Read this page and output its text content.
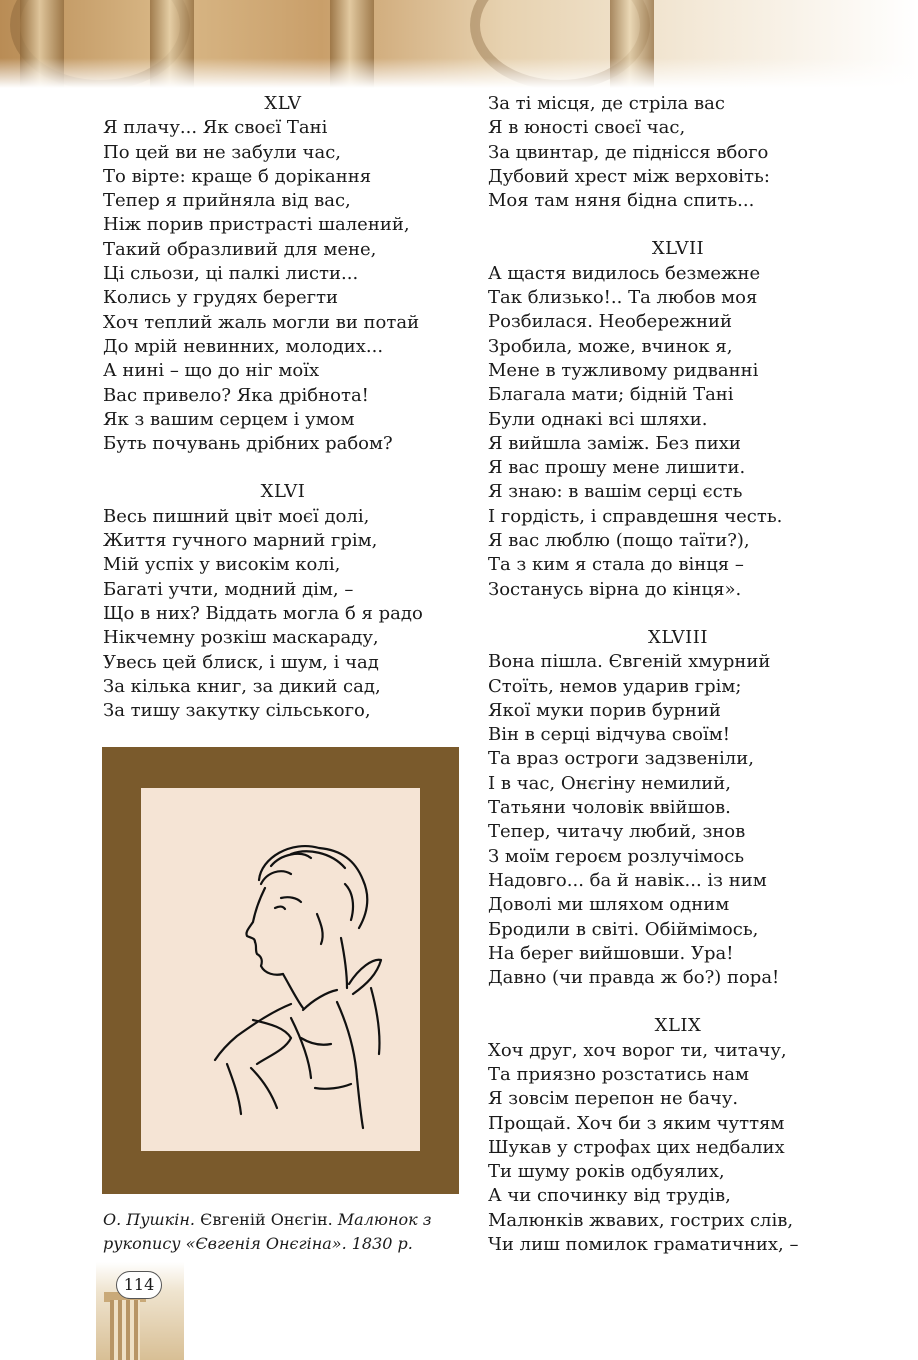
XLV
Я плачу... Як своєї Тані
По цей ви не забули час,
То вірте: краще б дорікання
Тепер я прийняла від вас,
Ніж порив пристрасті шалений,
Такий образливий для мене,
Ці сльози, ці палкі листи...
Колись у грудях берегти
Хоч теплий жаль могли ви потай
До мрій невинних, молодих...
А нині – що до ніг моїх
Вас привело? Яка дрібнота!
Як з вашим серцем і умом
Буть почувань дрібних рабом?
XLVI
Весь пишний цвіт моєї долі,
Життя гучного марний грім,
Мій успіх у високім колі,
Багаті учти, модний дім, –
Що в них? Віддать могла б я радо
Нікчемну розкіш маскараду,
Увесь цей блиск, і шум, і чад
За кілька книг, за дикий сад,
За тишу закутку сільського,
За ті місця, де стріла вас
Я в юності своєї час,
За цвинтар, де піднісся вбого
Дубовий хрест між верховіть:
Моя там няня бідна спить...
XLVII
А щастя видилось безмежне
Так близько!.. Та любов моя
Розбилася. Необережний
Зробила, може, вчинок я,
Мене в тужливому ридванні
Благала мати; бідній Тані
Були однакі всі шляхи.
Я вийшла заміж. Без пихи
Я вас прошу мене лишити.
Я знаю: в вашім серці єсть
І гордість, і справдешня честь.
Я вас люблю (пощо таїти?),
Та з ким я стала до вінця –
Зостанусь вірна до кінця».
XLVIII
Вона пішла. Євгеній хмурний
Стоїть, немов ударив грім;
Якої муки порив бурний
Він в серці відчува своїм!
Та враз остроги задзвеніли,
І в час, Онєгіну немилий,
Татьяни чоловік ввійшов.
Тепер, читачу любий, знов
З моїм героєм розлучімось
Надовго... ба й навік... із ним
Доволі ми шляхом одним
Бродили в світі. Обіймімось,
На берег вийшовши. Ура!
Давно (чи правда ж бо?) пора!
XLIX
Хоч друг, хоч ворог ти, читачу,
Та приязно розстатись нам
Я зовсім перепон не бачу.
Прощай. Хоч би з яким чуттям
Шукав у строфах цих недбалих
Ти шуму років одбуялих,
А чи спочинку від трудів,
Малюнків жвавих, гострих слів,
Чи лиш помилок граматичних, –
О. Пушкін. Євгеній Онєгін. Малюнок з рукопису «Євгенія Онєгіна». 1830 р.
114
